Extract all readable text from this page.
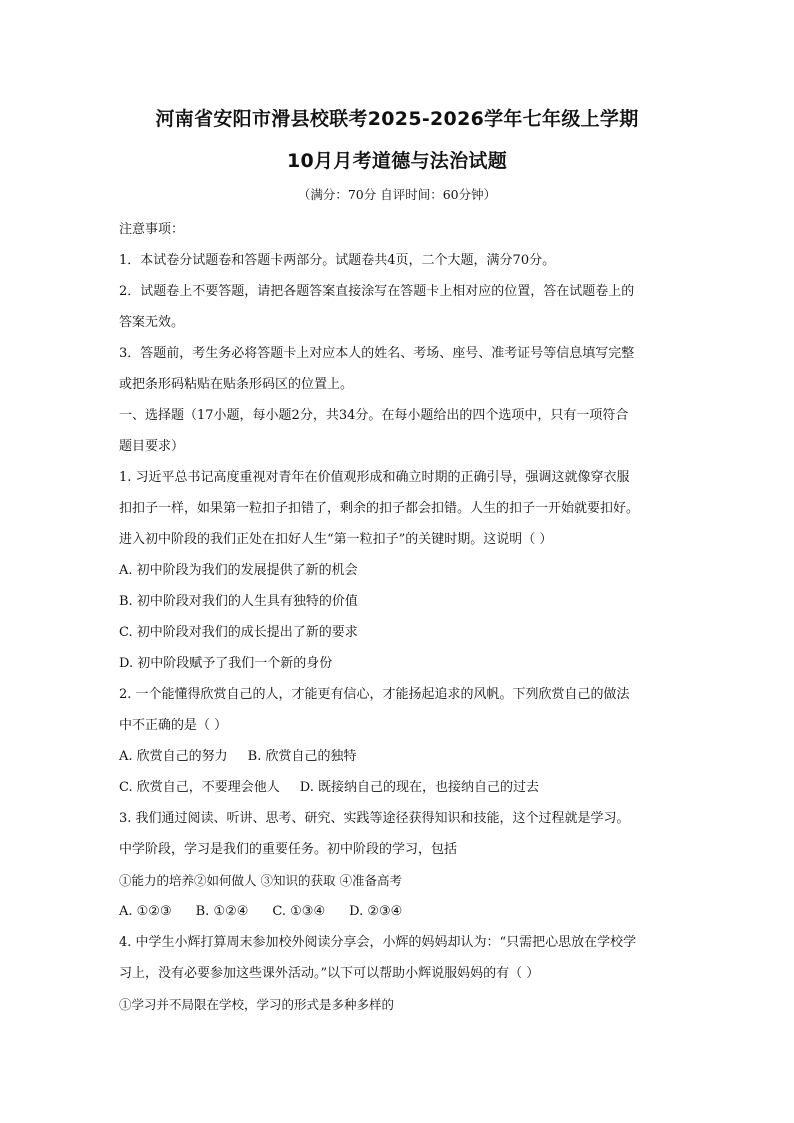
河南省安阳市滑县校联考2025-2026学年七年级上学期
10月月考道德与法治试题
（满分：70分 自评时间：60分钟）
注意事项：
1．本试卷分试题卷和答题卡两部分。试题卷共4页，二个大题，满分70分。
2．试题卷上不要答题，请把各题答案直接涂写在答题卡上相对应的位置，答在试题卷上的
答案无效。
3．答题前，考生务必将答题卡上对应本人的姓名、考场、座号、准考证号等信息填写完整
或把条形码粘贴在贴条形码区的位置上。
一、选择题（17小题，每小题2分，共34分。在每小题给出的四个选项中，只有一项符合
题目要求）
1. 习近平总书记高度重视对青年在价值观形成和确立时期的正确引导，强调这就像穿衣服
扣扣子一样，如果第一粒扣子扣错了，剩余的扣子都会扣错。人生的扣子一开始就要扣好。
进入初中阶段的我们正处在扣好人生“第一粒扣子”的关键时期。这说明（ ）
A. 初中阶段为我们的发展提供了新的机会
B. 初中阶段对我们的人生具有独特的价值
C. 初中阶段对我们的成长提出了新的要求
D. 初中阶段赋予了我们一个新的身份
2. 一个能懂得欣赏自己的人，才能更有信心，才能扬起追求的风帆。下列欣赏自己的做法
中不正确的是（ ）
A. 欣赏自己的努力 B. 欣赏自己的独特
C. 欣赏自己，不要理会他人 D. 既接纳自己的现在，也接纳自己的过去
3. 我们通过阅读、听讲、思考、研究、实践等途径获得知识和技能，这个过程就是学习。
中学阶段，学习是我们的重要任务。初中阶段的学习，包括
①能力的培养②如何做人 ③知识的获取 ④准备高考
A. ①②③ B. ①②④ C. ①③④ D. ②③④
4. 中学生小辉打算周末参加校外阅读分享会，小辉的妈妈却认为：“只需把心思放在学校学
习上，没有必要参加这些课外活动。”以下可以帮助小辉说服妈妈的有（ ）
①学习并不局限在学校，学习的形式是多种多样的
